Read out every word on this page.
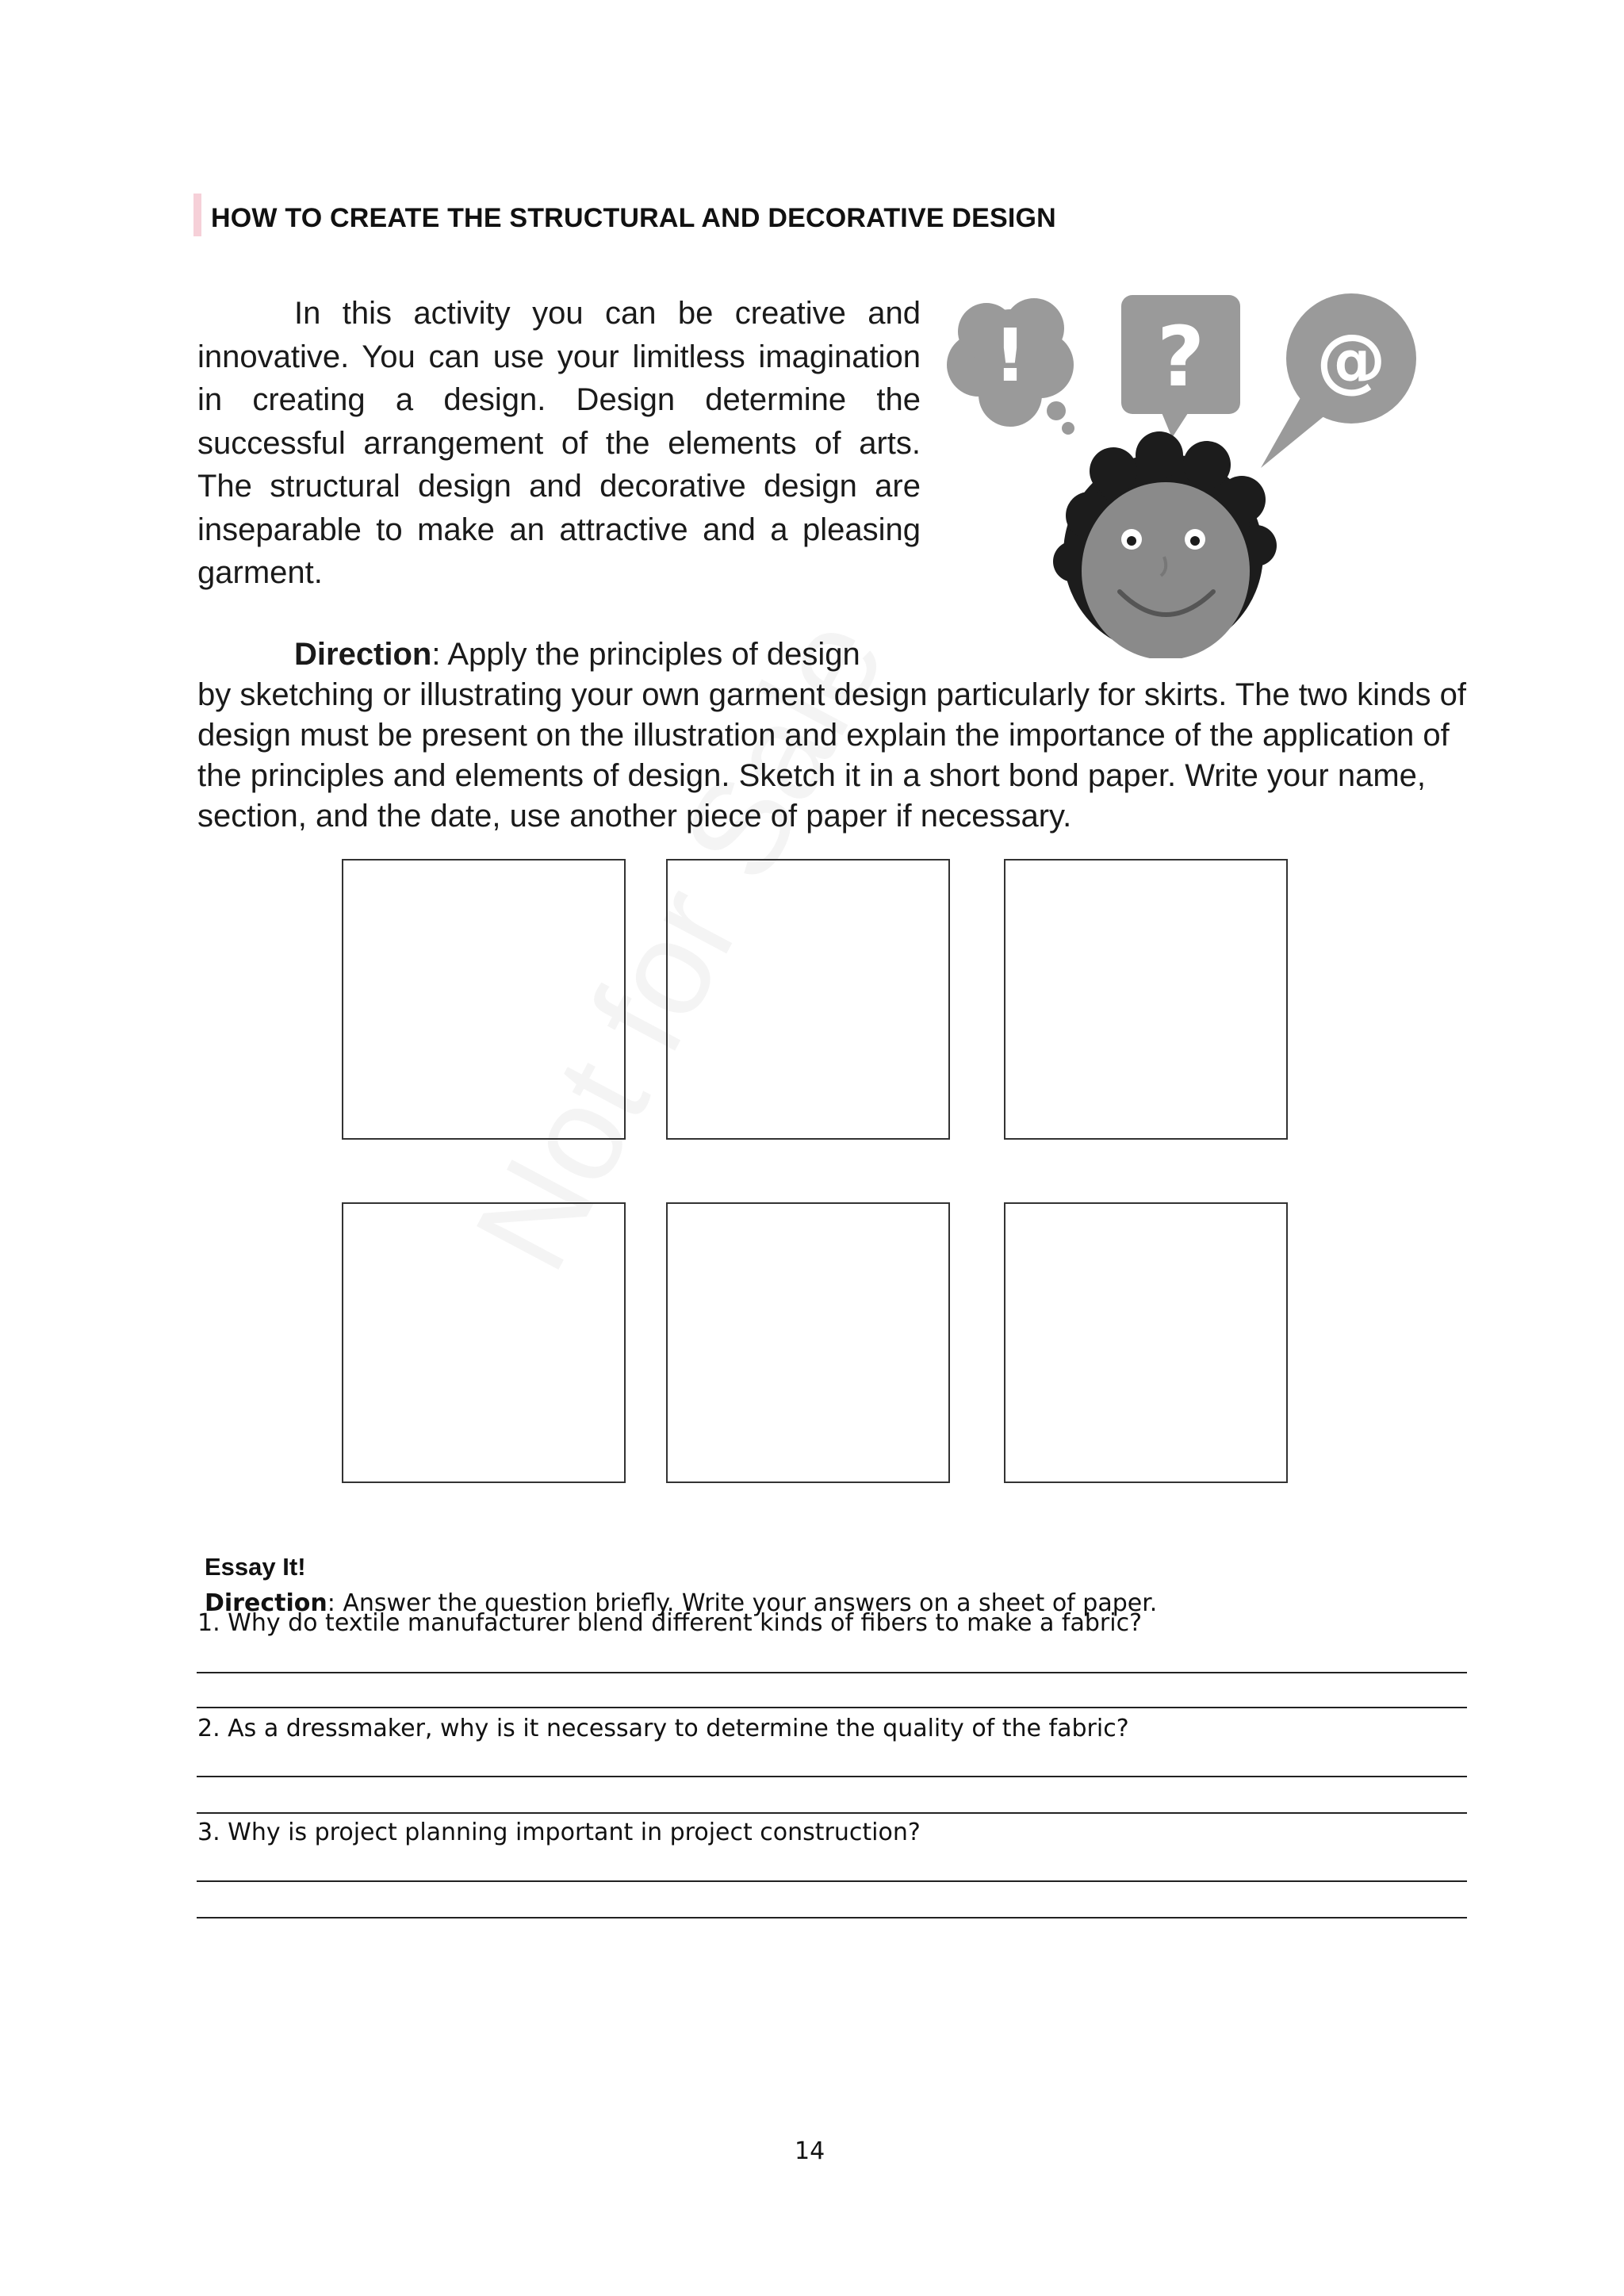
HOW TO CREATE THE STRUCTURAL AND DECORATIVE DESIGN

In this activity you can be creative and innovative. You can use your limitless imagination in creating a design. Design determine the successful arrangement of the elements of arts. The structural design and decorative design are inseparable to make an attractive and a pleasing garment.

! ? @
Direction: Apply the principles of design

by sketching or illustrating your own garment design particularly for skirts. The two kinds of design must be present on the illustration and explain the importance of the application of the principles and elements of design. Sketch it in a short bond paper. Write your name, section, and the date, use another piece of paper if necessary.

Essay It!
Direction: Answer the question briefly. Write your answers on a sheet of paper.
1. Why do textile manufacturer blend different kinds of fibers to make a fabric?
2. As a dressmaker, why is it necessary to determine the quality of the fabric?
3. Why is project planning important in project construction?
14
